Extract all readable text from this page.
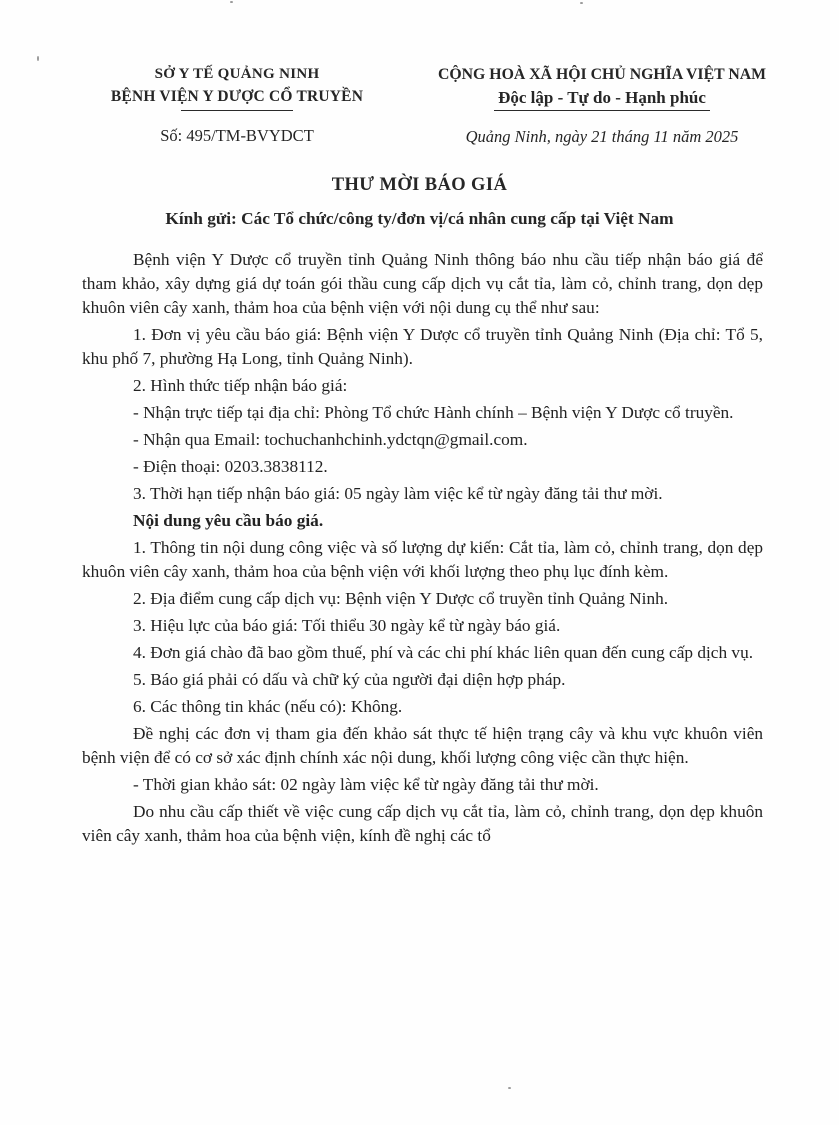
SỞ Y TẾ QUẢNG NINH
BỆNH VIỆN Y DƯỢC CỔ TRUYỀN
Số: 495/TM-BVYDCT
CỘNG HOÀ XÃ HỘI CHỦ NGHĨA VIỆT NAM
Độc lập - Tự do - Hạnh phúc
Quảng Ninh, ngày 21 tháng 11 năm 2025
THƯ MỜI BÁO GIÁ
Kính gửi: Các Tổ chức/công ty/đơn vị/cá nhân cung cấp tại Việt Nam

Bệnh viện Y Dược cổ truyền tỉnh Quảng Ninh thông báo nhu cầu tiếp nhận báo giá để tham khảo, xây dựng giá dự toán gói thầu cung cấp dịch vụ cắt tỉa, làm cỏ, chỉnh trang, dọn dẹp khuôn viên cây xanh, thảm hoa của bệnh viện với nội dung cụ thể như sau:

1. Đơn vị yêu cầu báo giá: Bệnh viện Y Dược cổ truyền tỉnh Quảng Ninh (Địa chỉ: Tổ 5, khu phố 7, phường Hạ Long, tỉnh Quảng Ninh).

2. Hình thức tiếp nhận báo giá:

- Nhận trực tiếp tại địa chỉ: Phòng Tổ chức Hành chính – Bệnh viện Y Dược cổ truyền.

- Nhận qua Email: tochuchanhchinh.ydctqn@gmail.com.

- Điện thoại: 0203.3838112.

3. Thời hạn tiếp nhận báo giá: 05 ngày làm việc kể từ ngày đăng tải thư mời.

Nội dung yêu cầu báo giá.

1. Thông tin nội dung công việc và số lượng dự kiến: Cắt tỉa, làm cỏ, chỉnh trang, dọn dẹp khuôn viên cây xanh, thảm hoa của bệnh viện với khối lượng theo phụ lục đính kèm.

2. Địa điểm cung cấp dịch vụ: Bệnh viện Y Dược cổ truyền tỉnh Quảng Ninh.

3. Hiệu lực của báo giá: Tối thiểu 30 ngày kể từ ngày báo giá.

4. Đơn giá chào đã bao gồm thuế, phí và các chi phí khác liên quan đến cung cấp dịch vụ.

5. Báo giá phải có dấu và chữ ký của người đại diện hợp pháp.

6. Các thông tin khác (nếu có): Không.

Đề nghị các đơn vị tham gia đến khảo sát thực tế hiện trạng cây và khu vực khuôn viên bệnh viện để có cơ sở xác định chính xác nội dung, khối lượng công việc cần thực hiện.

- Thời gian khảo sát: 02 ngày làm việc kể từ ngày đăng tải thư mời.

Do nhu cầu cấp thiết về việc cung cấp dịch vụ cắt tỉa, làm cỏ, chỉnh trang, dọn dẹp khuôn viên cây xanh, thảm hoa của bệnh viện, kính đề nghị các tổ
